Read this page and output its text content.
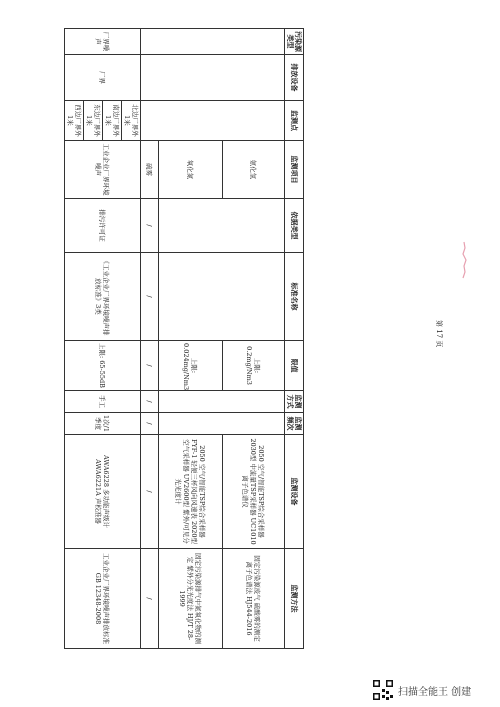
污染源类型	排放设备	监测点	监测项目	依据类型	标准名称	限值	监测方式	监测频次	监测设备	监测方法
			氨化氢			上限: 0.2mg/Nm3			2050 空气/智能TSP综合采样器 2030型 中流量TSP采样器 UC1010 离子色谱仪	固定污染源废气 硫酸雾的测定 离子色谱法 HJ544-2016
			氧化氮			上限: 0.024mg/Nm3			2050 空气/智能TSP综合采样器 FYF-1 轻便三杯风向风速表 2020型 空气采样器 UV2600型 紫外/可见分光光度计	固定污染源排气中氮氧化物的测定 紫外分光光度法 HJ/T 28-1999
			硫雾	/	/	/	/	/	/	/
厂界噪声	厂界	北边厂界外1米	工业企业厂界环境噪声	排污许可证	《工业企业厂界环境噪声排放标准》3类	上限: 65-55dB	手工	1次/1季度	AWA6228 多功能声级计 AWA6221A 声校准器	工业企业厂界环境噪声排放标准 GB 12348-2008
		南边厂界外1米								
		东边厂界外1米								
		西边厂界外1米								
第 17 页
扫描全能王 创建
